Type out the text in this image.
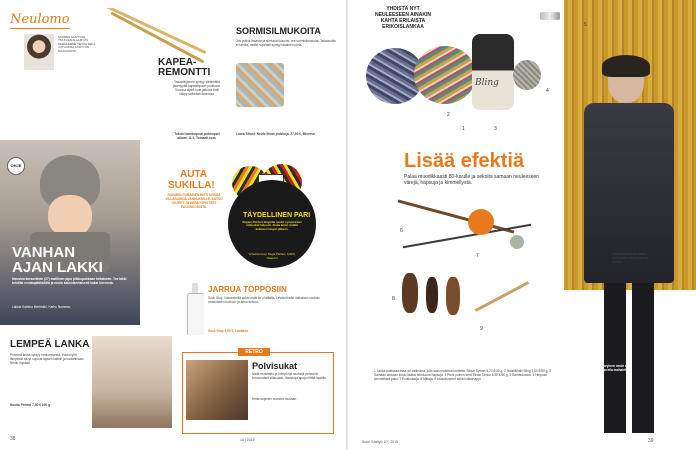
Neulomo
SUOMEN KÄSITYÖN YSTÄVIEN ALLA MYÖS KERÄILEMME TIETOA SEKÄ UUTUUKSIA KÄSITYÖN MAAILMASTA.
KAPEA-REMONTTI
Tasapohjainen syntyy siirtämällä jäsenyyttä kapeampaan puikkoon. Vuonna kipeä kuin jatkuva tuoli näkyy selkeästi kuviossa.
Tukuni bambupuut puikkopari alkaen 11 €, Tomaati.com.
SORMISILMUKOITA
Jos puikot irtoavat ja silmukat liukuvat, tee sormisilmukoita. Taitavuutta ei tarvita, mutta nopeasti syntyy tasainen pinta.
Laura Strust: Neulo ilman puikkoja, 27,90 €, Minerva
OHJE
VANHAN
AJAN LAKKI
Meusina kersaviiniin (27) malliinen pipo pilkkupukkaan keltaiseen. Tee lakki tuhdilla neulanpääkköillä ja neulo kaksinkertaisesti kaksi kierrosta.
Lakkia Katriina Merimäki, Karhu Nummia.
AUTA
SUKILLA!
SUOMEN PUNAINEN RISTI KERÄÄ VILLASUKKIA VANHUKSILLE. KATSO OHJEET JA KERÄYSPISTEET FACEBOOKISTA.
TÄYDELLINEN PARI
Regian Pairfect-langoilla neulot symmetriset raitasukat helposti. Aloita kerän sisältä keltaisen langan jälkeen.
Schachenmayr Regia Pairfect, 6,90 €, Titaanit.fi
JARRUA TÖPPÖSIIN
Sock Stop -liukuesteillä sukat eivät liu'u lattialla. Levitä tiheän valkoisen nauhan muotoiseen kuvioon ja anna kuivua.
Sock Stop 6,90 €, Lankava
RETRO
Polvisukat
Näitä muistatko ja kumpi nyt neuloisit pehmeät kuviomaiset villasukat. Hauskoja apuja riittää lapsille.
Hinta sopivien vuosien mukaan.
LEMPEÄ LANKA
Pehmeä lanka syntyy neulomisesta. Vuorovyön lämpimät sävyt sopivat lapsen lakkiin ja kaulaliinaan. Neulo löysästi.
Novita Pehmo 7,50 € 100 g
38	10 | 2015
YHDISTÄ NYT NEULEESEEN AINAKIN KAHTA ERILAISTA ERIKOISLANKAA
Bling
Lisää efektiä
Palaa muodikkaasti 80-luvulle ja sekoita samaan neuleeseen värejä, hapsuja ja kimmellystä.
Kastanjasävyinen neule on kierretty tekstuurisesta villasta.
1
2
3
4
5
6
7
8
9
1 Lanka pakkauksessa on valikoima, jolla saa neulottua tuotteita. Sirdar Sylvan 4,70 €/50 g. 2 Tekstiilihalli Bling 3,60 €/50 g. 3 Samaan lankaan kuluu lisäksi tekstuuria hapsuja. 4 Pieni puinen kerä Sirdar Divine 6,90 €/50 g. 5 Bambukudos. 6 Helposti kimmeltävä pallo. 7 Puikkosarja. 8 Mittaja. 9 Lisävarusteet sekä kukkanappi.
Kastanjasävyinen neule on kudottu suurella mohairilla.
Suuri Käsityö 10 | 2015	39
